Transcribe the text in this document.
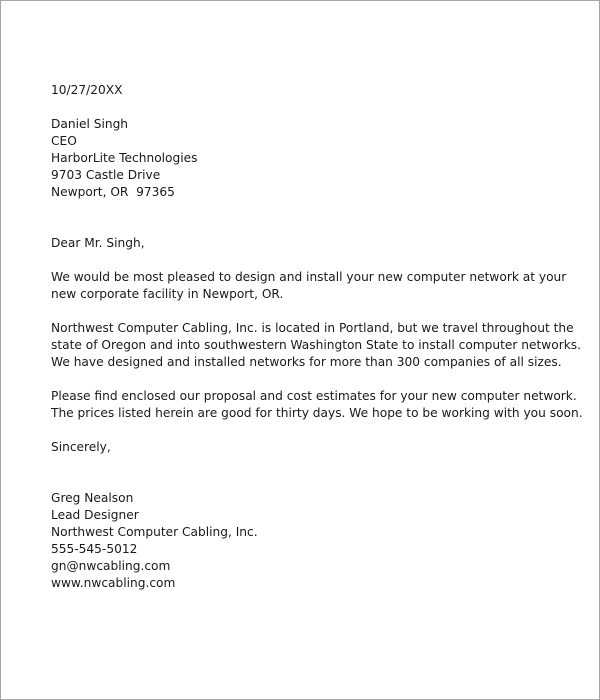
10/27/20XX
Daniel Singh
CEO
HarborLite Technologies
9703 Castle Drive
Newport, OR  97365
Dear Mr. Singh,
We would be most pleased to design and install your new computer network at your new corporate facility in Newport, OR.
Northwest Computer Cabling, Inc. is located in Portland, but we travel throughout the state of Oregon and into southwestern Washington State to install computer networks. We have designed and installed networks for more than 300 companies of all sizes.
Please find enclosed our proposal and cost estimates for your new computer network. The prices listed herein are good for thirty days. We hope to be working with you soon.
Sincerely,
Greg Nealson
Lead Designer
Northwest Computer Cabling, Inc.
555-545-5012
gn@nwcabling.com
www.nwcabling.com
